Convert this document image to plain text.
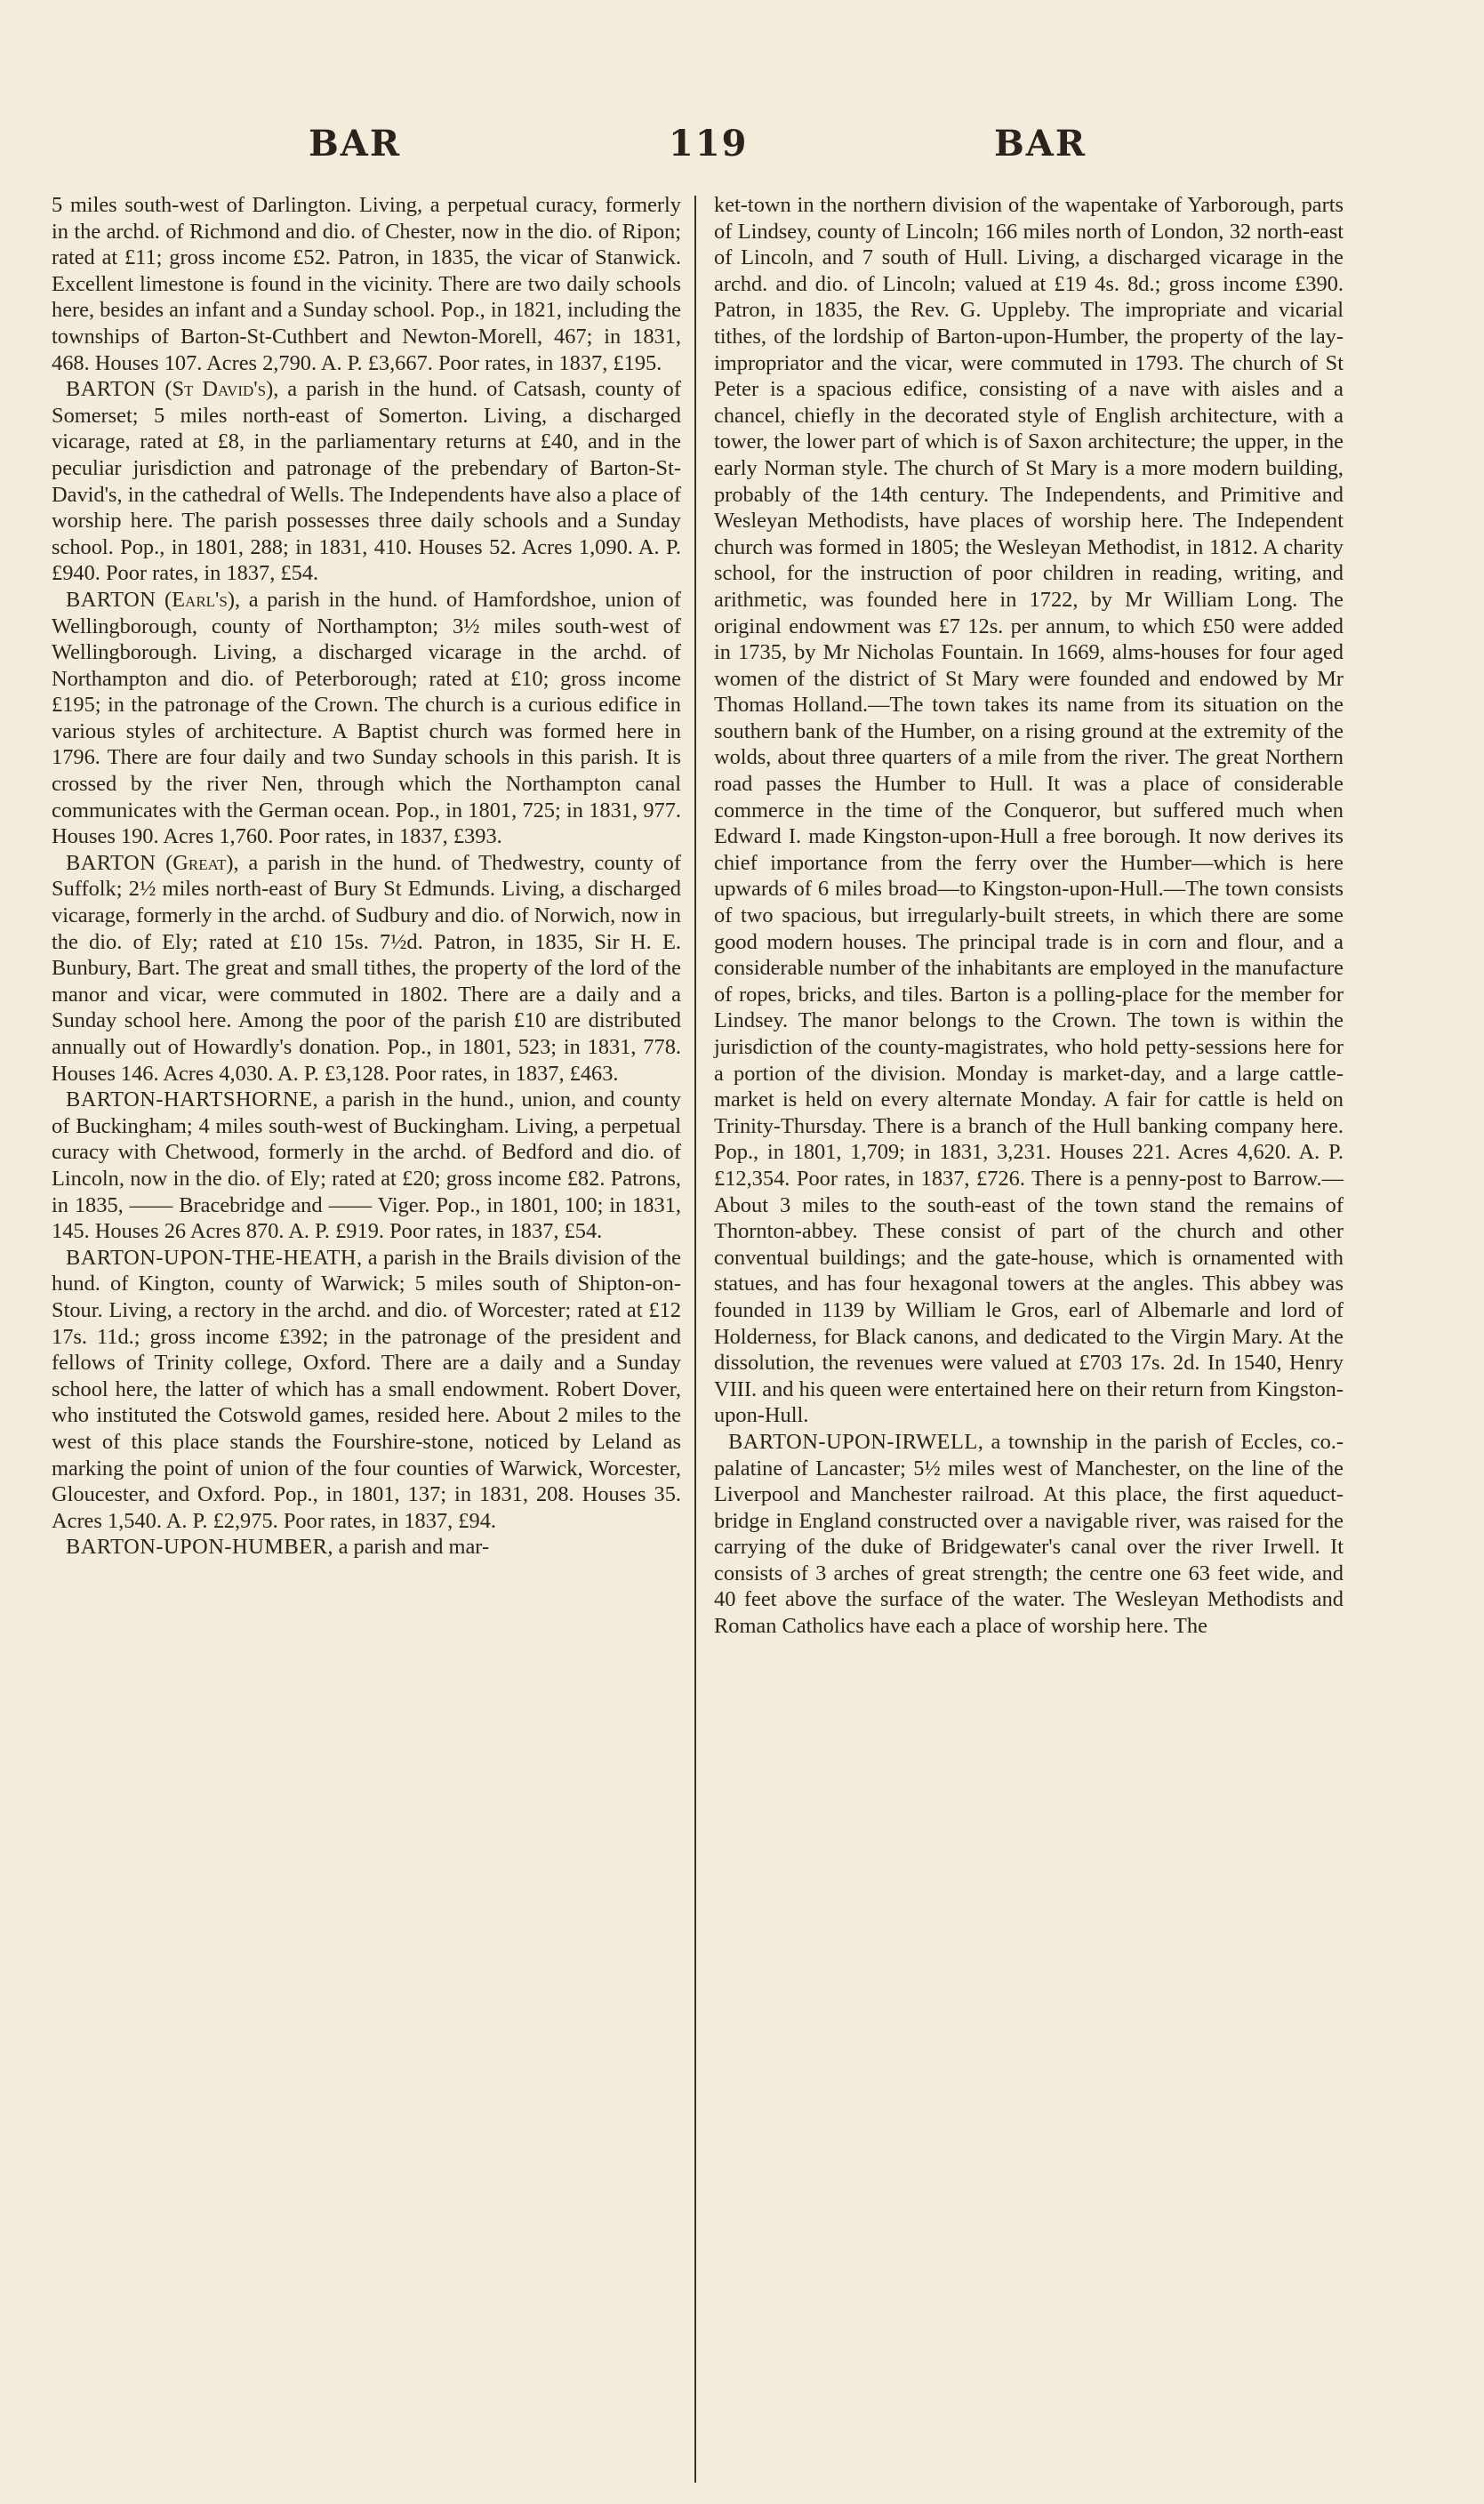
BAR	119	BAR

5 miles south-west of Darlington. Living, a perpetual curacy, formerly in the archd. of Richmond and dio. of Chester, now in the dio. of Ripon; rated at £11; gross income £52. Patron, in 1835, the vicar of Stanwick. Excellent limestone is found in the vicinity. There are two daily schools here, besides an infant and a Sunday school. Pop., in 1821, including the townships of Barton-St-Cuthbert and Newton-Morell, 467; in 1831, 468. Houses 107. Acres 2,790. A. P. £3,667. Poor rates, in 1837, £195.

BARTON (St David's), a parish in the hund. of Catsash, county of Somerset; 5 miles north-east of Somerton. Living, a discharged vicarage, rated at £8, in the parliamentary returns at £40, and in the peculiar jurisdiction and patronage of the prebendary of Barton-St-David's, in the cathedral of Wells. The Independents have also a place of worship here. The parish possesses three daily schools and a Sunday school. Pop., in 1801, 288; in 1831, 410. Houses 52. Acres 1,090. A. P. £940. Poor rates, in 1837, £54.

BARTON (Earl's), a parish in the hund. of Hamfordshoe, union of Wellingborough, county of Northampton; 3½ miles south-west of Wellingborough. Living, a discharged vicarage in the archd. of Northampton and dio. of Peterborough; rated at £10; gross income £195; in the patronage of the Crown. The church is a curious edifice in various styles of architecture. A Baptist church was formed here in 1796. There are four daily and two Sunday schools in this parish. It is crossed by the river Nen, through which the Northampton canal communicates with the German ocean. Pop., in 1801, 725; in 1831, 977. Houses 190. Acres 1,760. Poor rates, in 1837, £393.

BARTON (Great), a parish in the hund. of Thedwestry, county of Suffolk; 2½ miles north-east of Bury St Edmunds. Living, a discharged vicarage, formerly in the archd. of Sudbury and dio. of Norwich, now in the dio. of Ely; rated at £10 15s. 7½d. Patron, in 1835, Sir H. E. Bunbury, Bart. The great and small tithes, the property of the lord of the manor and vicar, were commuted in 1802. There are a daily and a Sunday school here. Among the poor of the parish £10 are distributed annually out of Howardly's donation. Pop., in 1801, 523; in 1831, 778. Houses 146. Acres 4,030. A. P. £3,128. Poor rates, in 1837, £463.

BARTON-HARTSHORNE, a parish in the hund., union, and county of Buckingham; 4 miles south-west of Buckingham. Living, a perpetual curacy with Chetwood, formerly in the archd. of Bedford and dio. of Lincoln, now in the dio. of Ely; rated at £20; gross income £82. Patrons, in 1835, —— Bracebridge and —— Viger. Pop., in 1801, 100; in 1831, 145. Houses 26 Acres 870. A. P. £919. Poor rates, in 1837, £54.

BARTON-UPON-THE-HEATH, a parish in the Brails division of the hund. of Kington, county of Warwick; 5 miles south of Shipton-on-Stour. Living, a rectory in the archd. and dio. of Worcester; rated at £12 17s. 11d.; gross income £392; in the patronage of the president and fellows of Trinity college, Oxford. There are a daily and a Sunday school here, the latter of which has a small endowment. Robert Dover, who instituted the Cotswold games, resided here. About 2 miles to the west of this place stands the Fourshire-stone, noticed by Leland as marking the point of union of the four counties of Warwick, Worcester, Gloucester, and Oxford. Pop., in 1801, 137; in 1831, 208. Houses 35. Acres 1,540. A. P. £2,975. Poor rates, in 1837, £94.

BARTON-UPON-HUMBER, a parish and mar-

ket-town in the northern division of the wapentake of Yarborough, parts of Lindsey, county of Lincoln; 166 miles north of London, 32 north-east of Lincoln, and 7 south of Hull. Living, a discharged vicarage in the archd. and dio. of Lincoln; valued at £19 4s. 8d.; gross income £390. Patron, in 1835, the Rev. G. Uppleby. The impropriate and vicarial tithes, of the lordship of Barton-upon-Humber, the property of the lay-impropriator and the vicar, were commuted in 1793. The church of St Peter is a spacious edifice, consisting of a nave with aisles and a chancel, chiefly in the decorated style of English architecture, with a tower, the lower part of which is of Saxon architecture; the upper, in the early Norman style. The church of St Mary is a more modern building, probably of the 14th century. The Independents, and Primitive and Wesleyan Methodists, have places of worship here. The Independent church was formed in 1805; the Wesleyan Methodist, in 1812. A charity school, for the instruction of poor children in reading, writing, and arithmetic, was founded here in 1722, by Mr William Long. The original endowment was £7 12s. per annum, to which £50 were added in 1735, by Mr Nicholas Fountain. In 1669, alms-houses for four aged women of the district of St Mary were founded and endowed by Mr Thomas Holland.—The town takes its name from its situation on the southern bank of the Humber, on a rising ground at the extremity of the wolds, about three quarters of a mile from the river. The great Northern road passes the Humber to Hull. It was a place of considerable commerce in the time of the Conqueror, but suffered much when Edward I. made Kingston-upon-Hull a free borough. It now derives its chief importance from the ferry over the Humber—which is here upwards of 6 miles broad—to Kingston-upon-Hull.—The town consists of two spacious, but irregularly-built streets, in which there are some good modern houses. The principal trade is in corn and flour, and a considerable number of the inhabitants are employed in the manufacture of ropes, bricks, and tiles. Barton is a polling-place for the member for Lindsey. The manor belongs to the Crown. The town is within the jurisdiction of the county-magistrates, who hold petty-sessions here for a portion of the division. Monday is market-day, and a large cattle-market is held on every alternate Monday. A fair for cattle is held on Trinity-Thursday. There is a branch of the Hull banking company here. Pop., in 1801, 1,709; in 1831, 3,231. Houses 221. Acres 4,620. A. P. £12,354. Poor rates, in 1837, £726. There is a penny-post to Barrow.—About 3 miles to the south-east of the town stand the remains of Thornton-abbey. These consist of part of the church and other conventual buildings; and the gate-house, which is ornamented with statues, and has four hexagonal towers at the angles. This abbey was founded in 1139 by William le Gros, earl of Albemarle and lord of Holderness, for Black canons, and dedicated to the Virgin Mary. At the dissolution, the revenues were valued at £703 17s. 2d. In 1540, Henry VIII. and his queen were entertained here on their return from Kingston-upon-Hull.

BARTON-UPON-IRWELL, a township in the parish of Eccles, co.-palatine of Lancaster; 5½ miles west of Manchester, on the line of the Liverpool and Manchester railroad. At this place, the first aqueduct-bridge in England constructed over a navigable river, was raised for the carrying of the duke of Bridgewater's canal over the river Irwell. It consists of 3 arches of great strength; the centre one 63 feet wide, and 40 feet above the surface of the water. The Wesleyan Methodists and Roman Catholics have each a place of worship here. The
